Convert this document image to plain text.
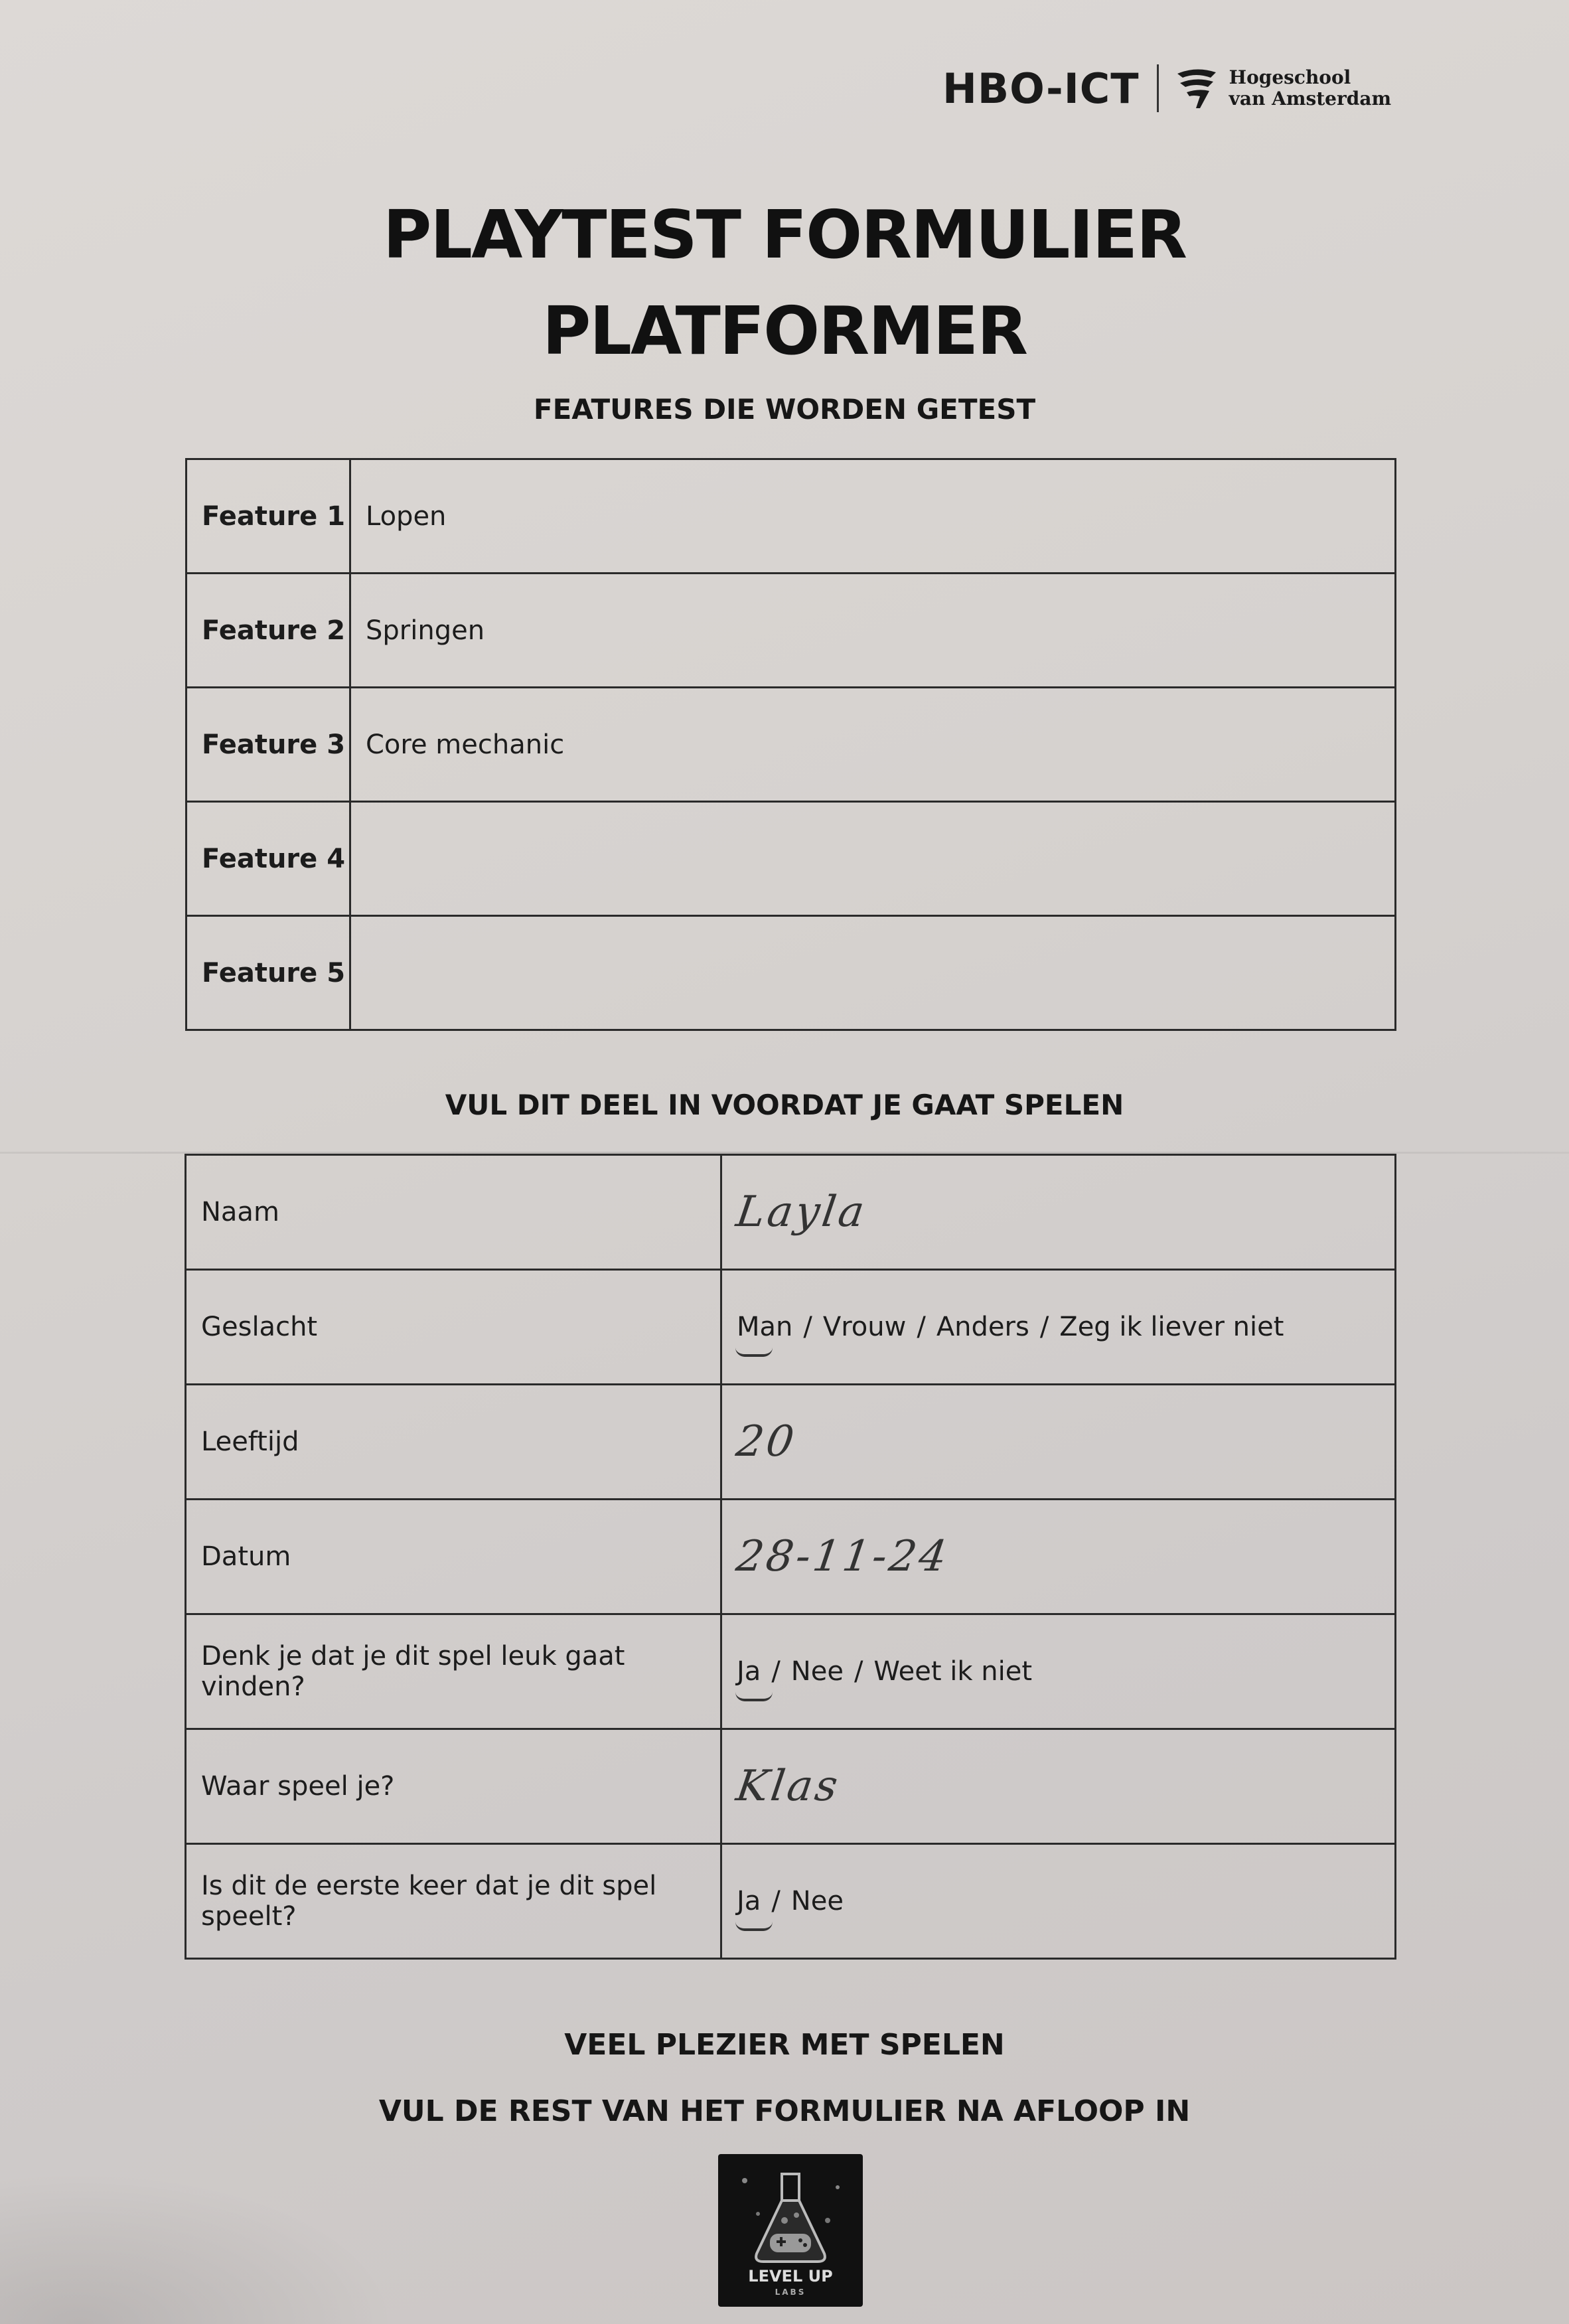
HBO-ICT	Hogeschool
van Amsterdam
PLAYTEST FORMULIER
PLATFORMER
FEATURES DIE WORDEN GETEST
Feature 1	Lopen
Feature 2	Springen
Feature 3	Core mechanic
Feature 4	
Feature 5	
VUL DIT DEEL IN VOORDAT JE GAAT SPELEN
Naam	Layla
Geslacht	Man / Vrouw / Anders / Zeg ik liever niet
Leeftijd	20
Datum	28-11-24
Denk je dat je dit spel leuk gaat vinden?	Ja / Nee / Weet ik niet
Waar speel je?	Klas
Is dit de eerste keer dat je dit spel speelt?	Ja / Nee
VEEL PLEZIER MET SPELEN
VUL DE REST VAN HET FORMULIER NA AFLOOP IN
LEVEL UP
LABS
